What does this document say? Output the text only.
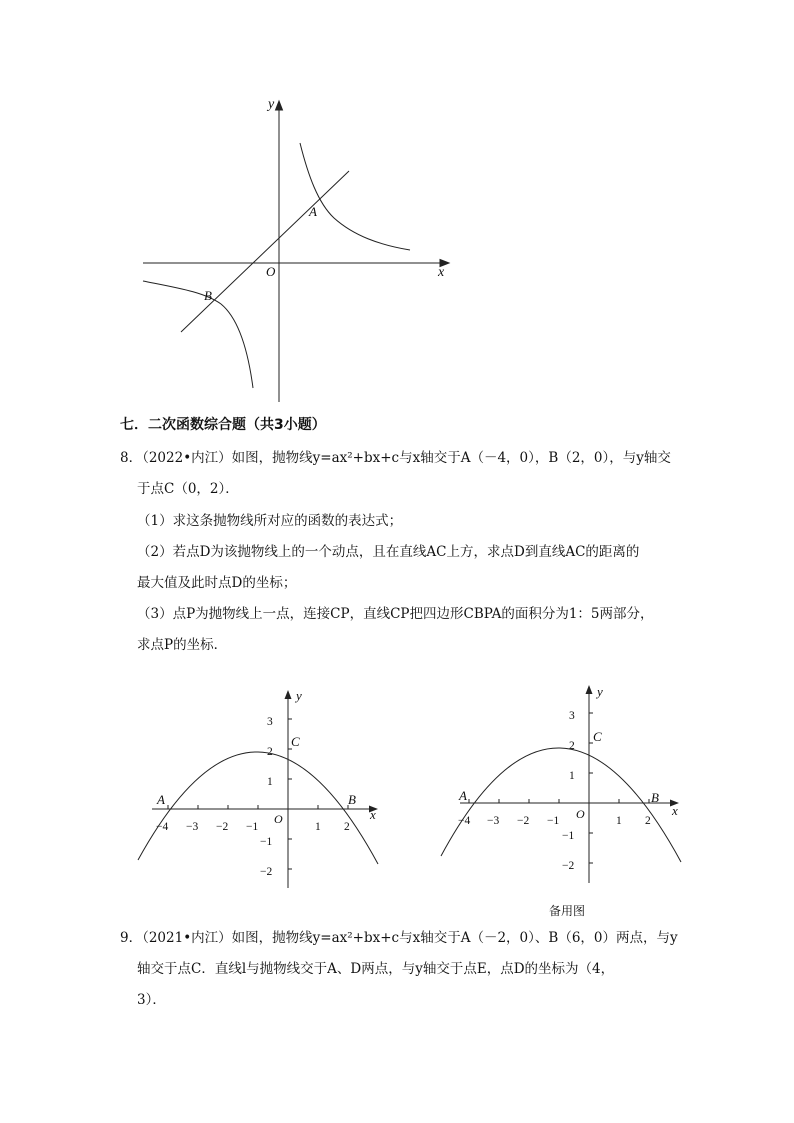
y
x
O
A
B
七．二次函数综合题（共3小题）
8．（2022•内江）如图，抛物线y=ax²+bx+c与x轴交于A（－4，0），B（2，0），与y轴交
于点C（0，2）．
（1）求这条抛物线所对应的函数的表达式；
（2）若点D为该抛物线上的一个动点，且在直线AC上方，求点D到直线AC的距离的
最大值及此时点D的坐标；
（3）点P为抛物线上一点，连接CP，直线CP把四边形CBPA的面积分为1：5两部分，
求点P的坐标．
y
x
O
A	B
C
−4 −3 −2 −1	1 2
3
2
1
−1
−2
y
x
O
A	B
C
−4 −3 −2 −1	1 2
3
2
1
−1
−2
备用图
9．（2021•内江）如图，抛物线y=ax²+bx+c与x轴交于A（－2，0）、B（6，0）两点，与y
轴交于点C．直线l与抛物线交于A、D两点，与y轴交于点E，点D的坐标为（4，
3）．
